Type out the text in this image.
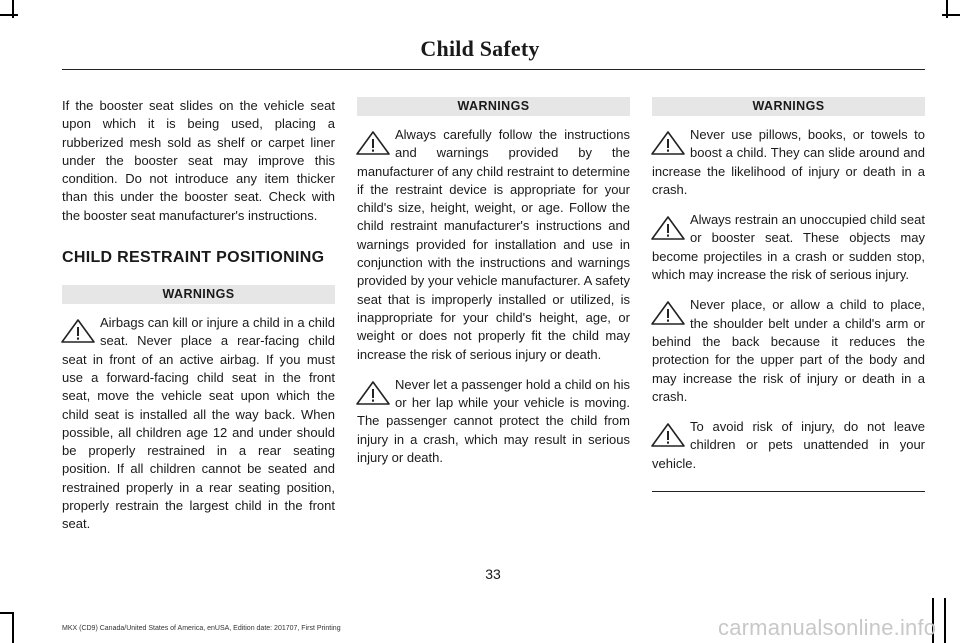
Child Safety

If the booster seat slides on the vehicle seat upon which it is being used, placing a rubberized mesh sold as shelf or carpet liner under the booster seat may improve this condition. Do not introduce any item thicker than this under the booster seat. Check with the booster seat manufacturer's instructions.

CHILD RESTRAINT POSITIONING
WARNINGS
Airbags can kill or injure a child in a child seat. Never place a rear-facing child seat in front of an active airbag. If you must use a forward-facing child seat in the front seat, move the vehicle seat upon which the child seat is installed all the way back. When possible, all children age 12 and under should be properly restrained in a rear seating position. If all children cannot be seated and restrained properly in a rear seating position, properly restrain the largest child in the front seat.
WARNINGS
Always carefully follow the instructions and warnings provided by the manufacturer of any child restraint to determine if the restraint device is appropriate for your child's size, height, weight, or age. Follow the child restraint manufacturer's instructions and warnings provided for installation and use in conjunction with the instructions and warnings provided by your vehicle manufacturer. A safety seat that is improperly installed or utilized, is inappropriate for your child's height, age, or weight or does not properly fit the child may increase the risk of serious injury or death.
Never let a passenger hold a child on his or her lap while your vehicle is moving. The passenger cannot protect the child from injury in a crash, which may result in serious injury or death.
WARNINGS
Never use pillows, books, or towels to boost a child. They can slide around and increase the likelihood of injury or death in a crash.
Always restrain an unoccupied child seat or booster seat. These objects may become projectiles in a crash or sudden stop, which may increase the risk of serious injury.
Never place, or allow a child to place, the shoulder belt under a child's arm or behind the back because it reduces the protection for the upper part of the body and may increase the risk of injury or death in a crash.
To avoid risk of injury, do not leave children or pets unattended in your vehicle.
33
MKX (CD9) Canada/United States of America, enUSA, Edition date: 201707, First Printing	carmanualsonline.info
